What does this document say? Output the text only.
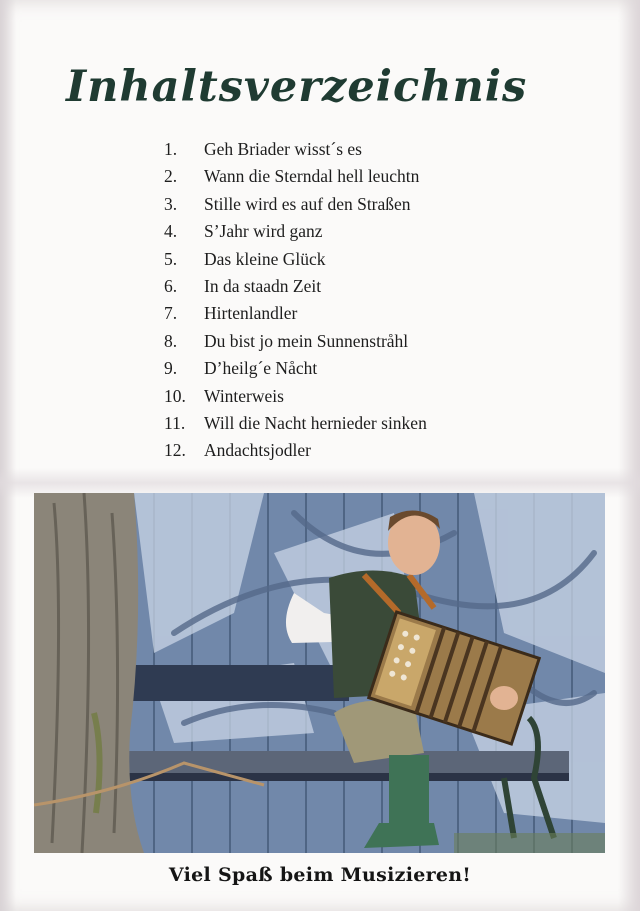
Inhaltsverzeichnis
1.	Geh Briader wisst´s es
2.	Wann die Sterndal hell leuchtn
3.	Stille wird es auf den Straßen
4.	S’Jahr wird ganz
5.	Das kleine Glück
6.	In da staadn Zeit
7.	Hirtenlandler
8.	Du bist jo mein Sunnenstråhl
9.	D’heilg´e Nåcht
10.	Winterweis
11.	Will die Nacht hernieder sinken
12.	Andachtsjodler

Viel Spaß beim Musizieren!
